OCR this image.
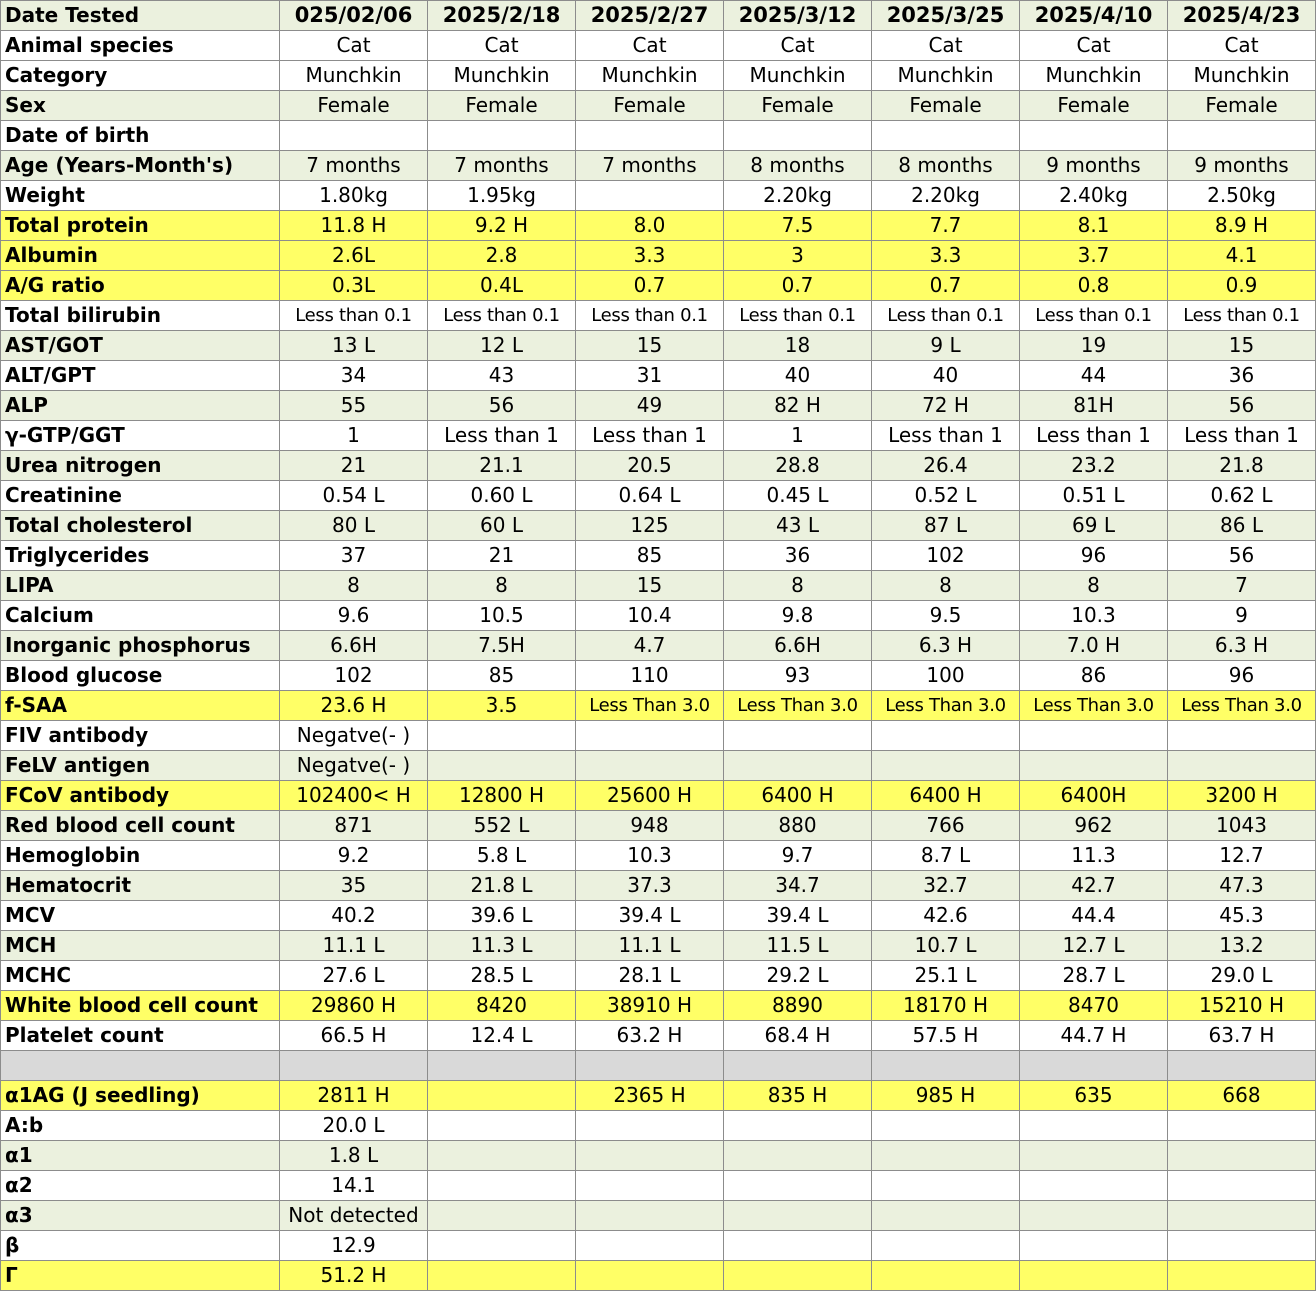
Date Tested	025/02/06	2025/2/18	2025/2/27	2025/3/12	2025/3/25	2025/4/10	2025/4/23
Animal species	Cat	Cat	Cat	Cat	Cat	Cat	Cat
Category	Munchkin	Munchkin	Munchkin	Munchkin	Munchkin	Munchkin	Munchkin
Sex	Female	Female	Female	Female	Female	Female	Female
Date of birth							
Age (Years-Month's)	7 months	7 months	7 months	8 months	8 months	9 months	9 months
Weight	1.80kg	1.95kg		2.20kg	2.20kg	2.40kg	2.50kg
Total protein	11.8 H	9.2 H	8.0	7.5	7.7	8.1	8.9 H
Albumin	2.6L	2.8	3.3	3	3.3	3.7	4.1
A/G ratio	0.3L	0.4L	0.7	0.7	0.7	0.8	0.9
Total bilirubin	Less than 0.1	Less than 0.1	Less than 0.1	Less than 0.1	Less than 0.1	Less than 0.1	Less than 0.1
AST/GOT	13 L	12 L	15	18	9 L	19	15
ALT/GPT	34	43	31	40	40	44	36
ALP	55	56	49	82 H	72 H	81H	56
γ-GTP/GGT	1	Less than 1	Less than 1	1	Less than 1	Less than 1	Less than 1
Urea nitrogen	21	21.1	20.5	28.8	26.4	23.2	21.8
Creatinine	0.54 L	0.60 L	0.64 L	0.45 L	0.52 L	0.51 L	0.62 L
Total cholesterol	80 L	60 L	125	43 L	87 L	69 L	86 L
Triglycerides	37	21	85	36	102	96	56
LIPA	8	8	15	8	8	8	7
Calcium	9.6	10.5	10.4	9.8	9.5	10.3	9
Inorganic phosphorus	6.6H	7.5H	4.7	6.6H	6.3 H	7.0 H	6.3 H
Blood glucose	102	85	110	93	100	86	96
f-SAA	23.6 H	3.5	Less Than 3.0	Less Than 3.0	Less Than 3.0	Less Than 3.0	Less Than 3.0
FIV antibody	Negatve(- )						
FeLV antigen	Negatve(- )						
FCoV antibody	102400< H	12800 H	25600 H	6400 H	6400 H	6400H	3200 H
Red blood cell count	871	552 L	948	880	766	962	1043
Hemoglobin	9.2	5.8 L	10.3	9.7	8.7 L	11.3	12.7
Hematocrit	35	21.8 L	37.3	34.7	32.7	42.7	47.3
MCV	40.2	39.6 L	39.4 L	39.4 L	42.6	44.4	45.3
MCH	11.1 L	11.3 L	11.1 L	11.5 L	10.7 L	12.7 L	13.2
MCHC	27.6 L	28.5 L	28.1 L	29.2 L	25.1 L	28.7 L	29.0 L
White blood cell count	29860 H	8420	38910 H	8890	18170 H	8470	15210 H
Platelet count	66.5 H	12.4 L	63.2 H	68.4 H	57.5 H	44.7 H	63.7 H

α1AG (J seedling)	2811 H		2365 H	835 H	985 H	635	668
A:b	20.0 L						
α1	1.8 L						
α2	14.1						
α3	Not detected						
β	12.9						
Γ	51.2 H						
